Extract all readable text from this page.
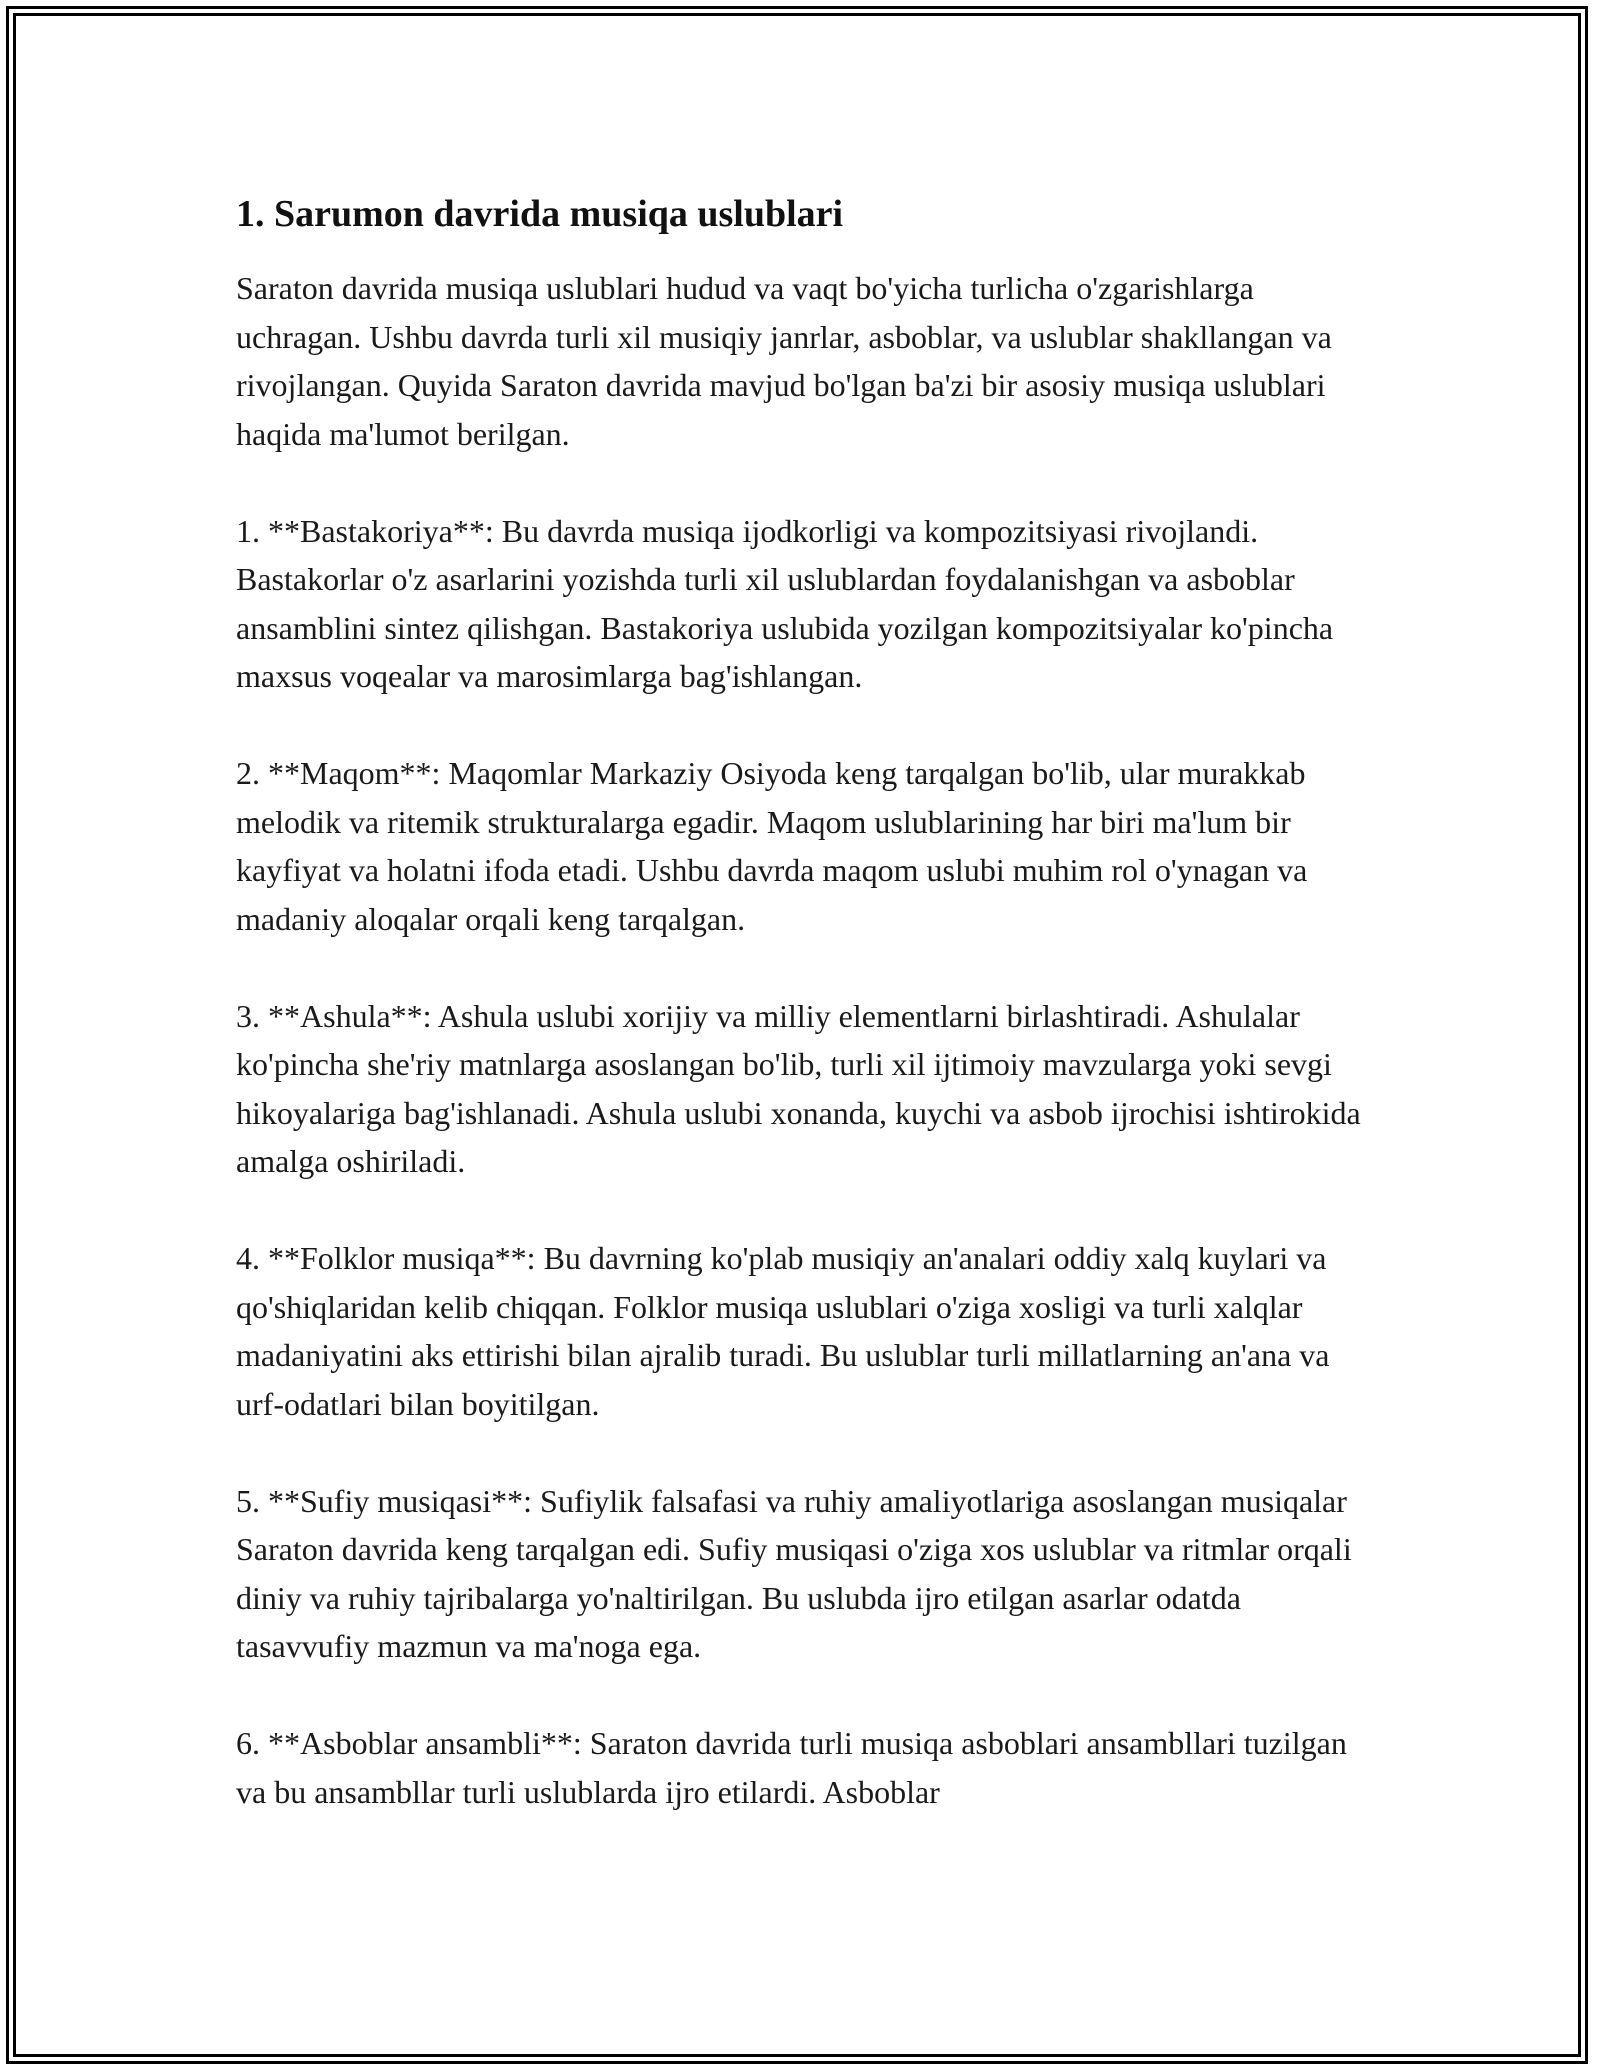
1. Sarumon davrida musiqa uslublari

Saraton davrida musiqa uslublari hudud va vaqt bo'yicha turlicha o'zgarishlarga uchragan. Ushbu davrda turli xil musiqiy janrlar, asboblar, va uslublar shakllangan va rivojlangan. Quyida Saraton davrida mavjud bo'lgan ba'zi bir asosiy musiqa uslublari haqida ma'lumot berilgan.

1. **Bastakoriya**: Bu davrda musiqa ijodkorligi va kompozitsiyasi rivojlandi. Bastakorlar o'z asarlarini yozishda turli xil uslublardan foydalanishgan va asboblar ansamblini sintez qilishgan. Bastakoriya uslubida yozilgan kompozitsiyalar ko'pincha maxsus voqealar va marosimlarga bag'ishlangan.

2. **Maqom**: Maqomlar Markaziy Osiyoda keng tarqalgan bo'lib, ular murakkab melodik va ritemik strukturalarga egadir. Maqom uslublarining har biri ma'lum bir kayfiyat va holatni ifoda etadi. Ushbu davrda maqom uslubi muhim rol o'ynagan va madaniy aloqalar orqali keng tarqalgan.

3. **Ashula**: Ashula uslubi xorijiy va milliy elementlarni birlashtiradi. Ashulalar ko'pincha she'riy matnlarga asoslangan bo'lib, turli xil ijtimoiy mavzularga yoki sevgi hikoyalariga bag'ishlanadi. Ashula uslubi xonanda, kuychi va asbob ijrochisi ishtirokida amalga oshiriladi.

4. **Folklor musiqa**: Bu davrning ko'plab musiqiy an'analari oddiy xalq kuylari va qo'shiqlaridan kelib chiqqan. Folklor musiqa uslublari o'ziga xosligi va turli xalqlar madaniyatini aks ettirishi bilan ajralib turadi. Bu uslublar turli millatlarning an'ana va urf-odatlari bilan boyitilgan.

5. **Sufiy musiqasi**: Sufiylik falsafasi va ruhiy amaliyotlariga asoslangan musiqalar Saraton davrida keng tarqalgan edi. Sufiy musiqasi o'ziga xos uslublar va ritmlar orqali diniy va ruhiy tajribalarga yo'naltirilgan. Bu uslubda ijro etilgan asarlar odatda tasavvufiy mazmun va ma'noga ega.

6. **Asboblar ansambli**: Saraton davrida turli musiqa asboblari ansambllari tuzilgan va bu ansambllar turli uslublarda ijro etilardi. Asboblar
